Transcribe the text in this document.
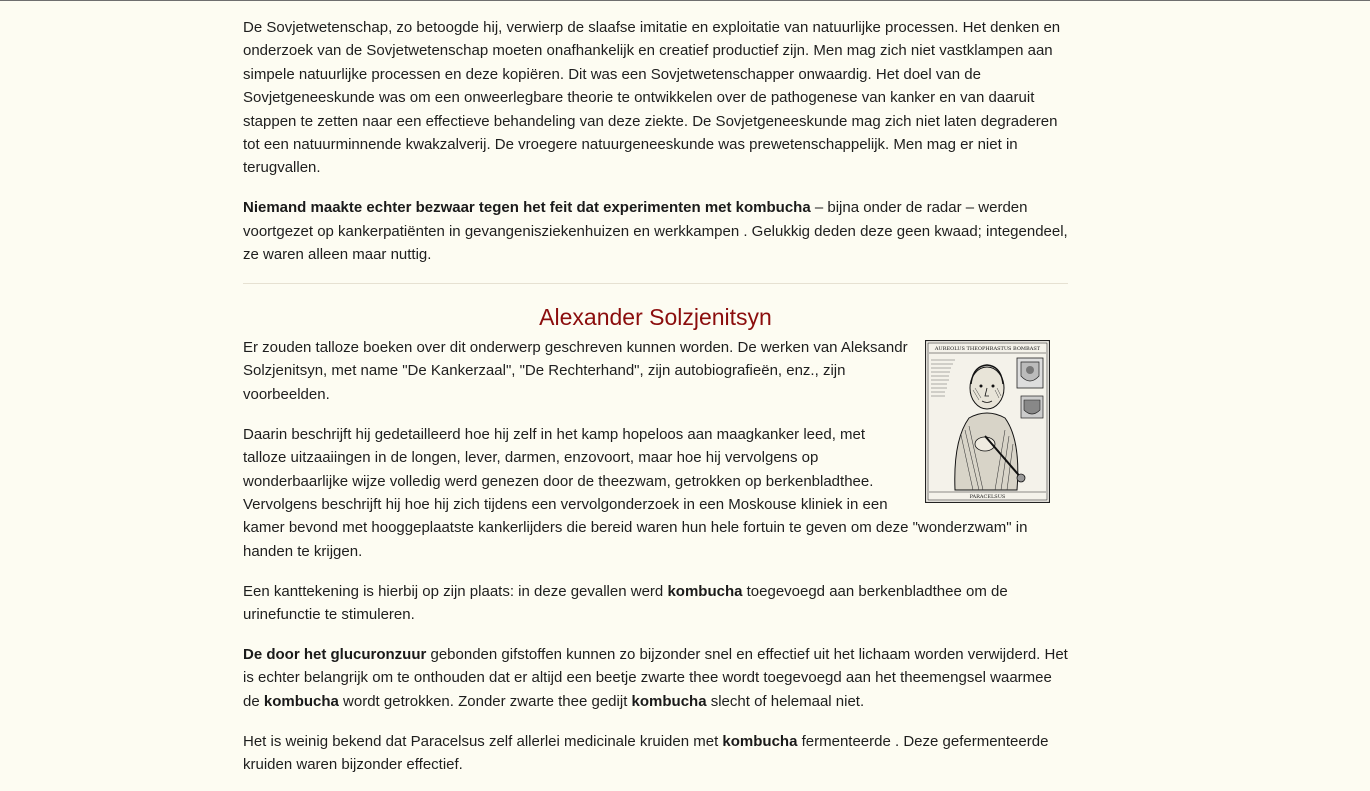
De Sovjetwetenschap, zo betoogde hij, verwierp de slaafse imitatie en exploitatie van natuurlijke processen. Het denken en onderzoek van de Sovjetwetenschap moeten onafhankelijk en creatief productief zijn. Men mag zich niet vastklampen aan simpele natuurlijke processen en deze kopiëren. Dit was een Sovjetwetenschapper onwaardig. Het doel van de Sovjetgeneeskunde was om een onweerlegbare theorie te ontwikkelen over de pathogenese van kanker en van daaruit stappen te zetten naar een effectieve behandeling van deze ziekte. De Sovjetgeneeskunde mag zich niet laten degraderen tot een natuurminnende kwakzalverij. De vroegere natuurgeneeskunde was prewetenschappelijk. Men mag er niet in terugvallen.

Niemand maakte echter bezwaar tegen het feit dat experimenten met kombucha – bijna onder de radar – werden voortgezet op kankerpatiënten in gevangenisziekenhuizen en werkkampen . Gelukkig deden deze geen kwaad; integendeel, ze waren alleen maar nuttig.

Alexander Solzjenitsyn
AUREOLUS THEOPHRASTUS BOMBAST
PARACELSUS

Er zouden talloze boeken over dit onderwerp geschreven kunnen worden. De werken van Aleksandr Solzjenitsyn, met name "De Kankerzaal", "De Rechterhand", zijn autobiografieën, enz., zijn voorbeelden.

Daarin beschrijft hij gedetailleerd hoe hij zelf in het kamp hopeloos aan maagkanker leed, met talloze uitzaaiingen in de longen, lever, darmen, enzovoort, maar hoe hij vervolgens op wonderbaarlijke wijze volledig werd genezen door de theezwam, getrokken op berkenbladthee. Vervolgens beschrijft hij hoe hij zich tijdens een vervolgonderzoek in een Moskouse kliniek in een kamer bevond met hooggeplaatste kankerlijders die bereid waren hun hele fortuin te geven om deze "wonderzwam" in handen te krijgen.

Een kanttekening is hierbij op zijn plaats: in deze gevallen werd kombucha toegevoegd aan berkenbladthee om de urinefunctie te stimuleren.

De door het glucuronzuur gebonden gifstoffen kunnen zo bijzonder snel en effectief uit het lichaam worden verwijderd. Het is echter belangrijk om te onthouden dat er altijd een beetje zwarte thee wordt toegevoegd aan het theemengsel waarmee de kombucha wordt getrokken. Zonder zwarte thee gedijt kombucha slecht of helemaal niet.

Het is weinig bekend dat Paracelsus zelf allerlei medicinale kruiden met kombucha fermenteerde . Deze gefermenteerde kruiden waren bijzonder effectief.
